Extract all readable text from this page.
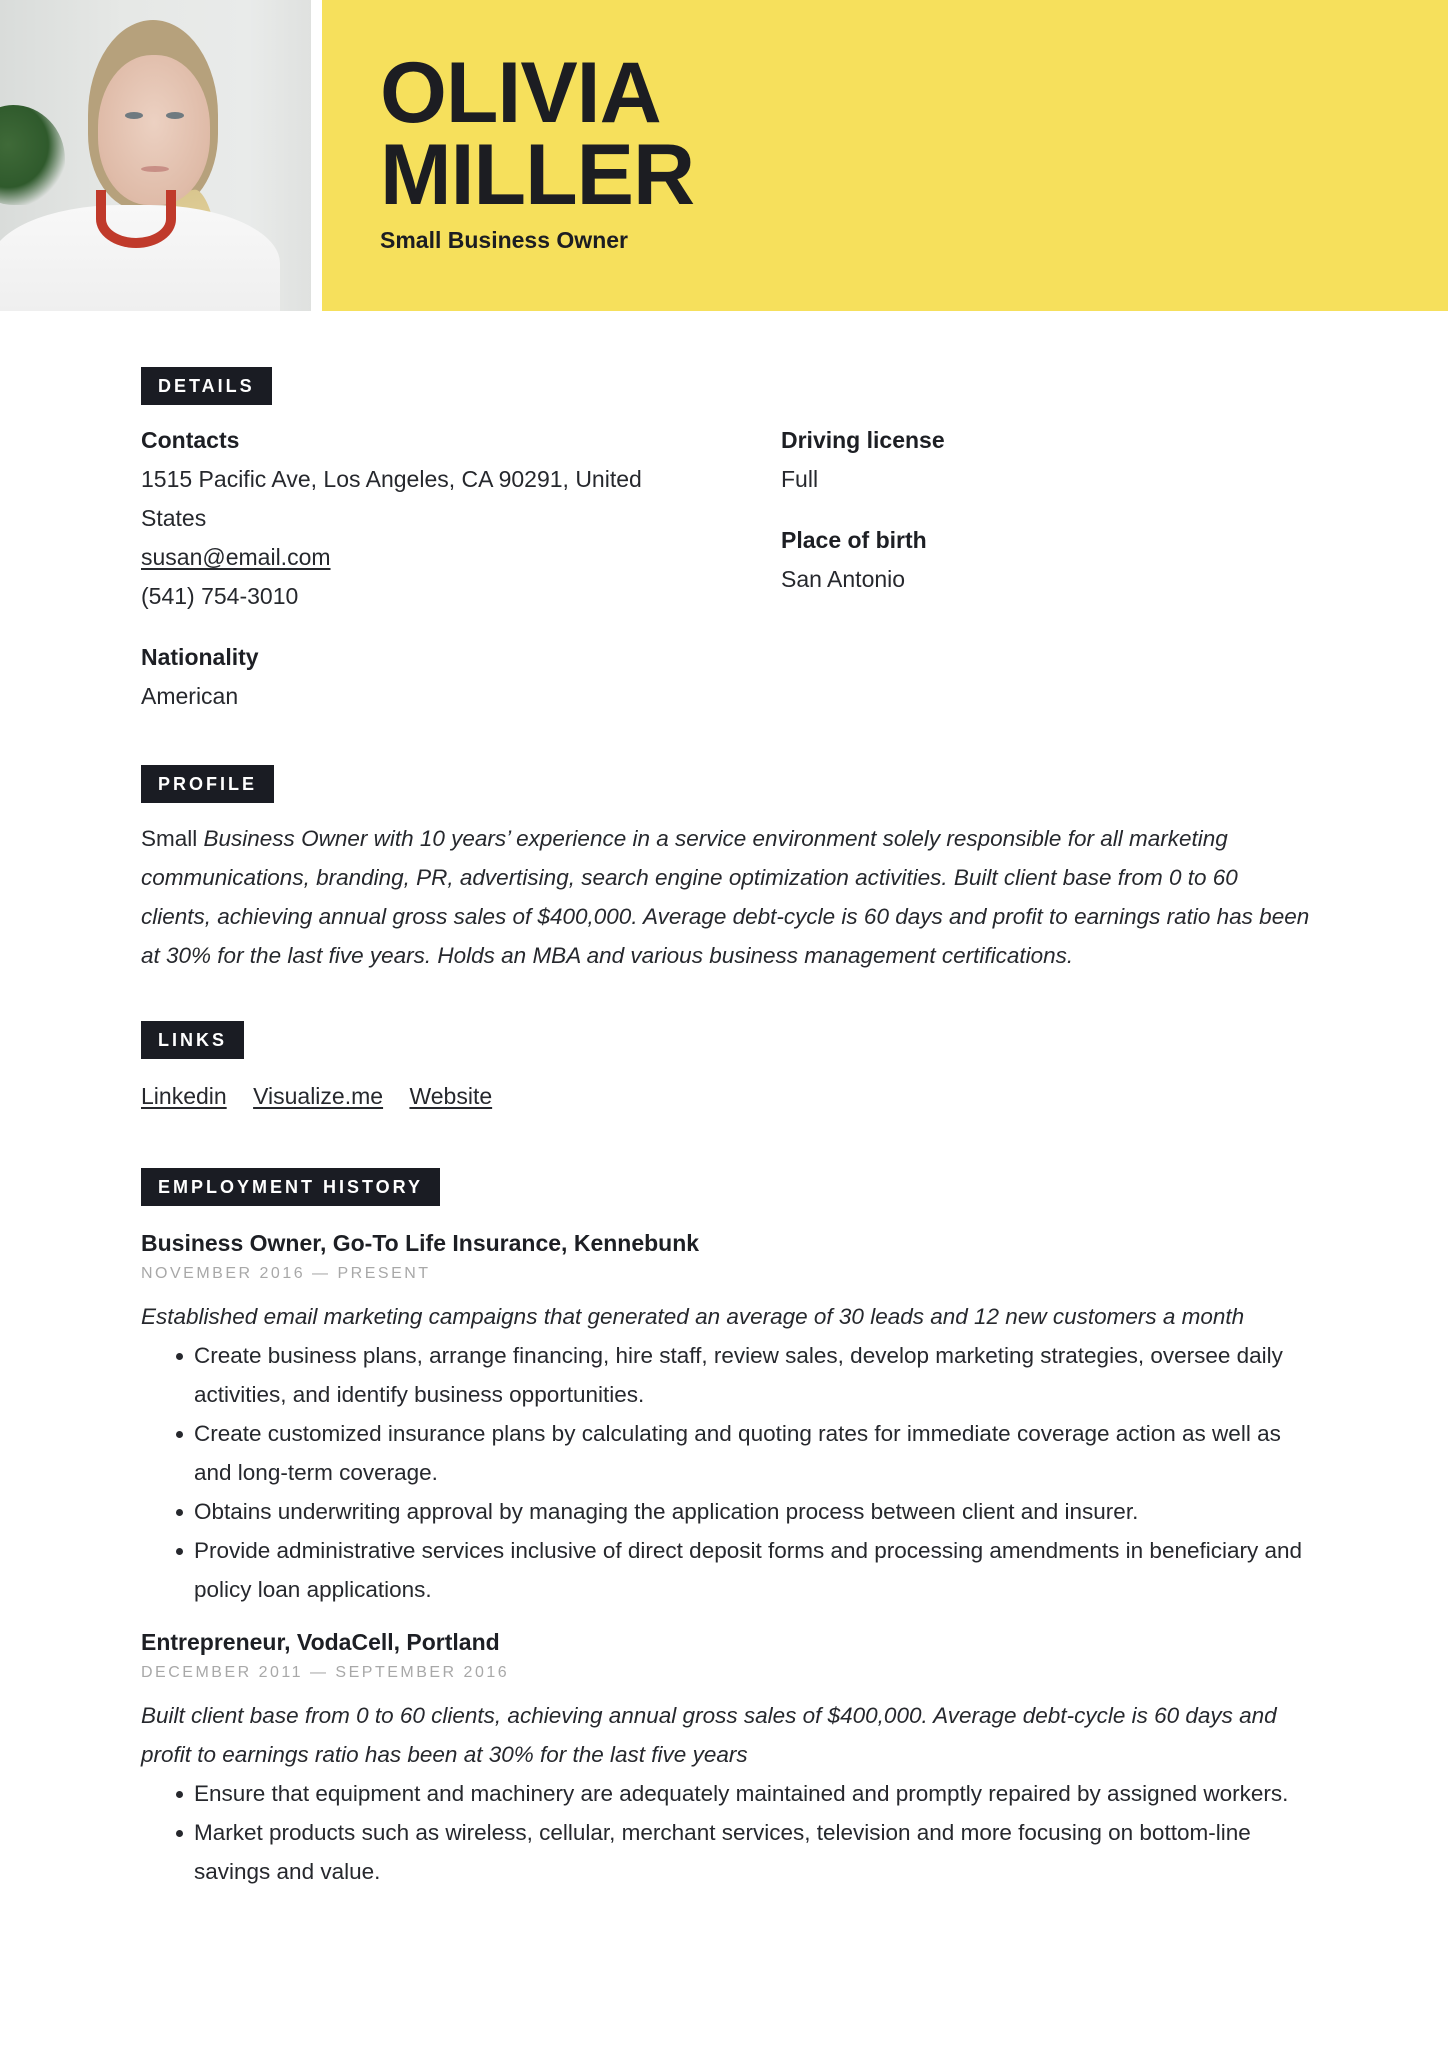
OLIVIA
MILLER
Small Business Owner
DETAILS
Contacts
1515 Pacific Ave, Los Angeles, CA 90291, United
States
susan@email.com
(541) 754-3010
Nationality
American
Driving license
Full
Place of birth
San Antonio
PROFILE

Small Business Owner with 10 years’ experience in a service environment solely responsible for all marketing communications, branding, PR, advertising, search engine optimization activities. Built client base from 0 to 60 clients, achieving annual gross sales of $400,000. Average debt-cycle is 60 days and profit to earnings ratio has been at 30% for the last five years. Holds an MBA and various business management certifications.

LINKS
Linkedin Visualize.me Website
EMPLOYMENT HISTORY
Business Owner, Go-To Life Insurance, Kennebunk
NOVEMBER 2016 — PRESENT
Established email marketing campaigns that generated an average of 30 leads and 12 new customers a month
Create business plans, arrange financing, hire staff, review sales, develop marketing strategies, oversee daily activities, and identify business opportunities.
Create customized insurance plans by calculating and quoting rates for immediate coverage action as well as and long-term coverage.
Obtains underwriting approval by managing the application process between client and insurer.
Provide administrative services inclusive of direct deposit forms and processing amendments in beneficiary and policy loan applications.
Entrepreneur, VodaCell, Portland
DECEMBER 2011 — SEPTEMBER 2016
Built client base from 0 to 60 clients, achieving annual gross sales of $400,000. Average debt-cycle is 60 days and profit to earnings ratio has been at 30% for the last five years
Ensure that equipment and machinery are adequately maintained and promptly repaired by assigned workers.
Market products such as wireless, cellular, merchant services, television and more focusing on bottom-line savings and value.
